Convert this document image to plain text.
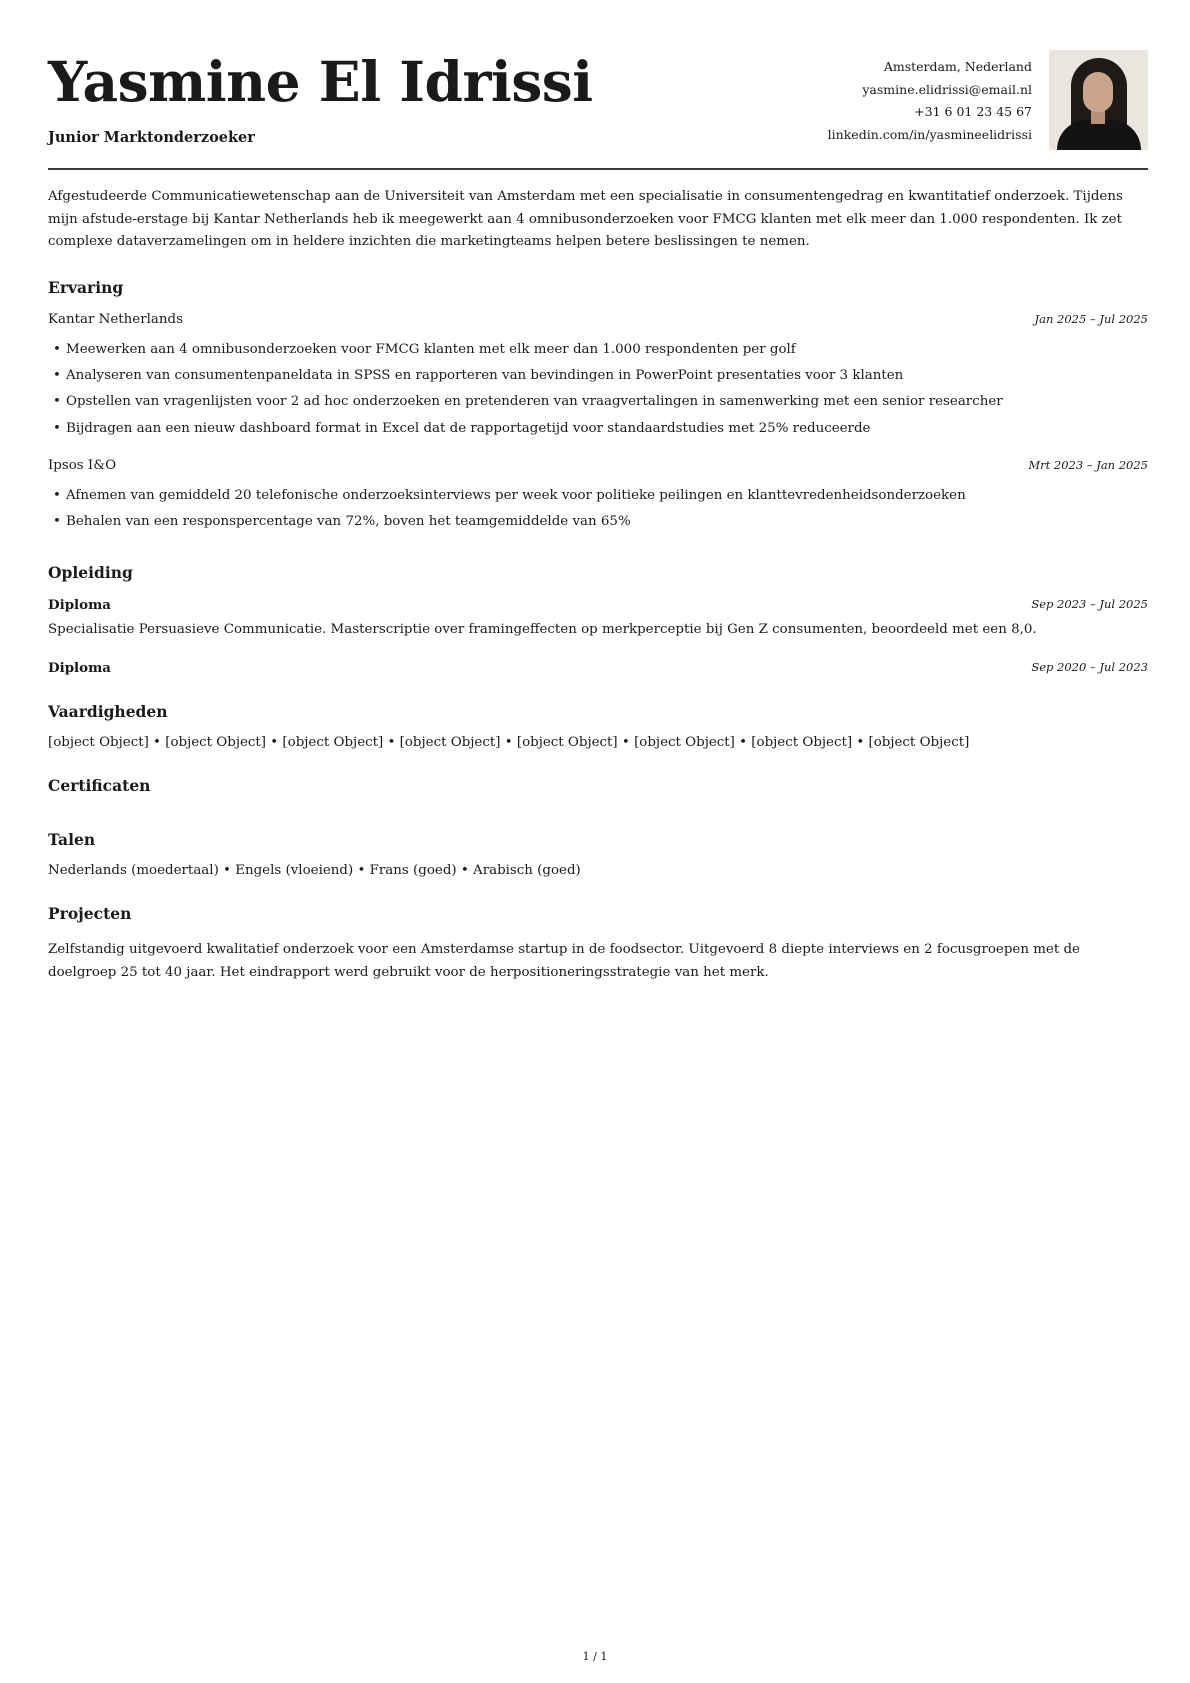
Yasmine El Idrissi
Junior Marktonderzoeker
Amsterdam, Nederland
yasmine.elidrissi@email.nl
+31 6 01 23 45 67
linkedin.com/in/yasmineelidrissi
Afgestudeerde Communicatiewetenschap aan de Universiteit van Amsterdam met een specialisatie in consumentengedrag en kwantitatief onderzoek. Tijdens mijn afstude-erstage bij Kantar Netherlands heb ik meegewerkt aan 4 omnibusonderzoeken voor FMCG klanten met elk meer dan 1.000 respondenten. Ik zet complexe dataverzamelingen om in heldere inzichten die marketingteams helpen betere beslissingen te nemen.
Ervaring
Kantar Netherlands	Jan 2025 – Jul 2025
• Meewerken aan 4 omnibusonderzoeken voor FMCG klanten met elk meer dan 1.000 respondenten per golf
• Analyseren van consumentenpaneldata in SPSS en rapporteren van bevindingen in PowerPoint presentaties voor 3 klanten
• Opstellen van vragenlijsten voor 2 ad hoc onderzoeken en pretenderen van vraagvertalingen in samenwerking met een senior researcher
• Bijdragen aan een nieuw dashboard format in Excel dat de rapportagetijd voor standaardstudies met 25% reduceerde
Ipsos I&O	Mrt 2023 – Jan 2025
• Afnemen van gemiddeld 20 telefonische onderzoeksinterviews per week voor politieke peilingen en klanttevredenheidsonderzoeken
• Behalen van een responspercentage van 72%, boven het teamgemiddelde van 65%
Opleiding
Diploma	Sep 2023 – Jul 2025
Specialisatie Persuasieve Communicatie. Masterscriptie over framingeffecten op merkperceptie bij Gen Z consumenten, beoordeeld met een 8,0.
Diploma	Sep 2020 – Jul 2023
Vaardigheden
[object Object] • [object Object] • [object Object] • [object Object] • [object Object] • [object Object] • [object Object] • [object Object]
Certificaten
Talen
Nederlands (moedertaal) • Engels (vloeiend) • Frans (goed) • Arabisch (goed)
Projecten
Zelfstandig uitgevoerd kwalitatief onderzoek voor een Amsterdamse startup in de foodsector. Uitgevoerd 8 diepte interviews en 2 focusgroepen met de doelgroep 25 tot 40 jaar. Het eindrapport werd gebruikt voor de herpositioneringsstrategie van het merk.
1 / 1
